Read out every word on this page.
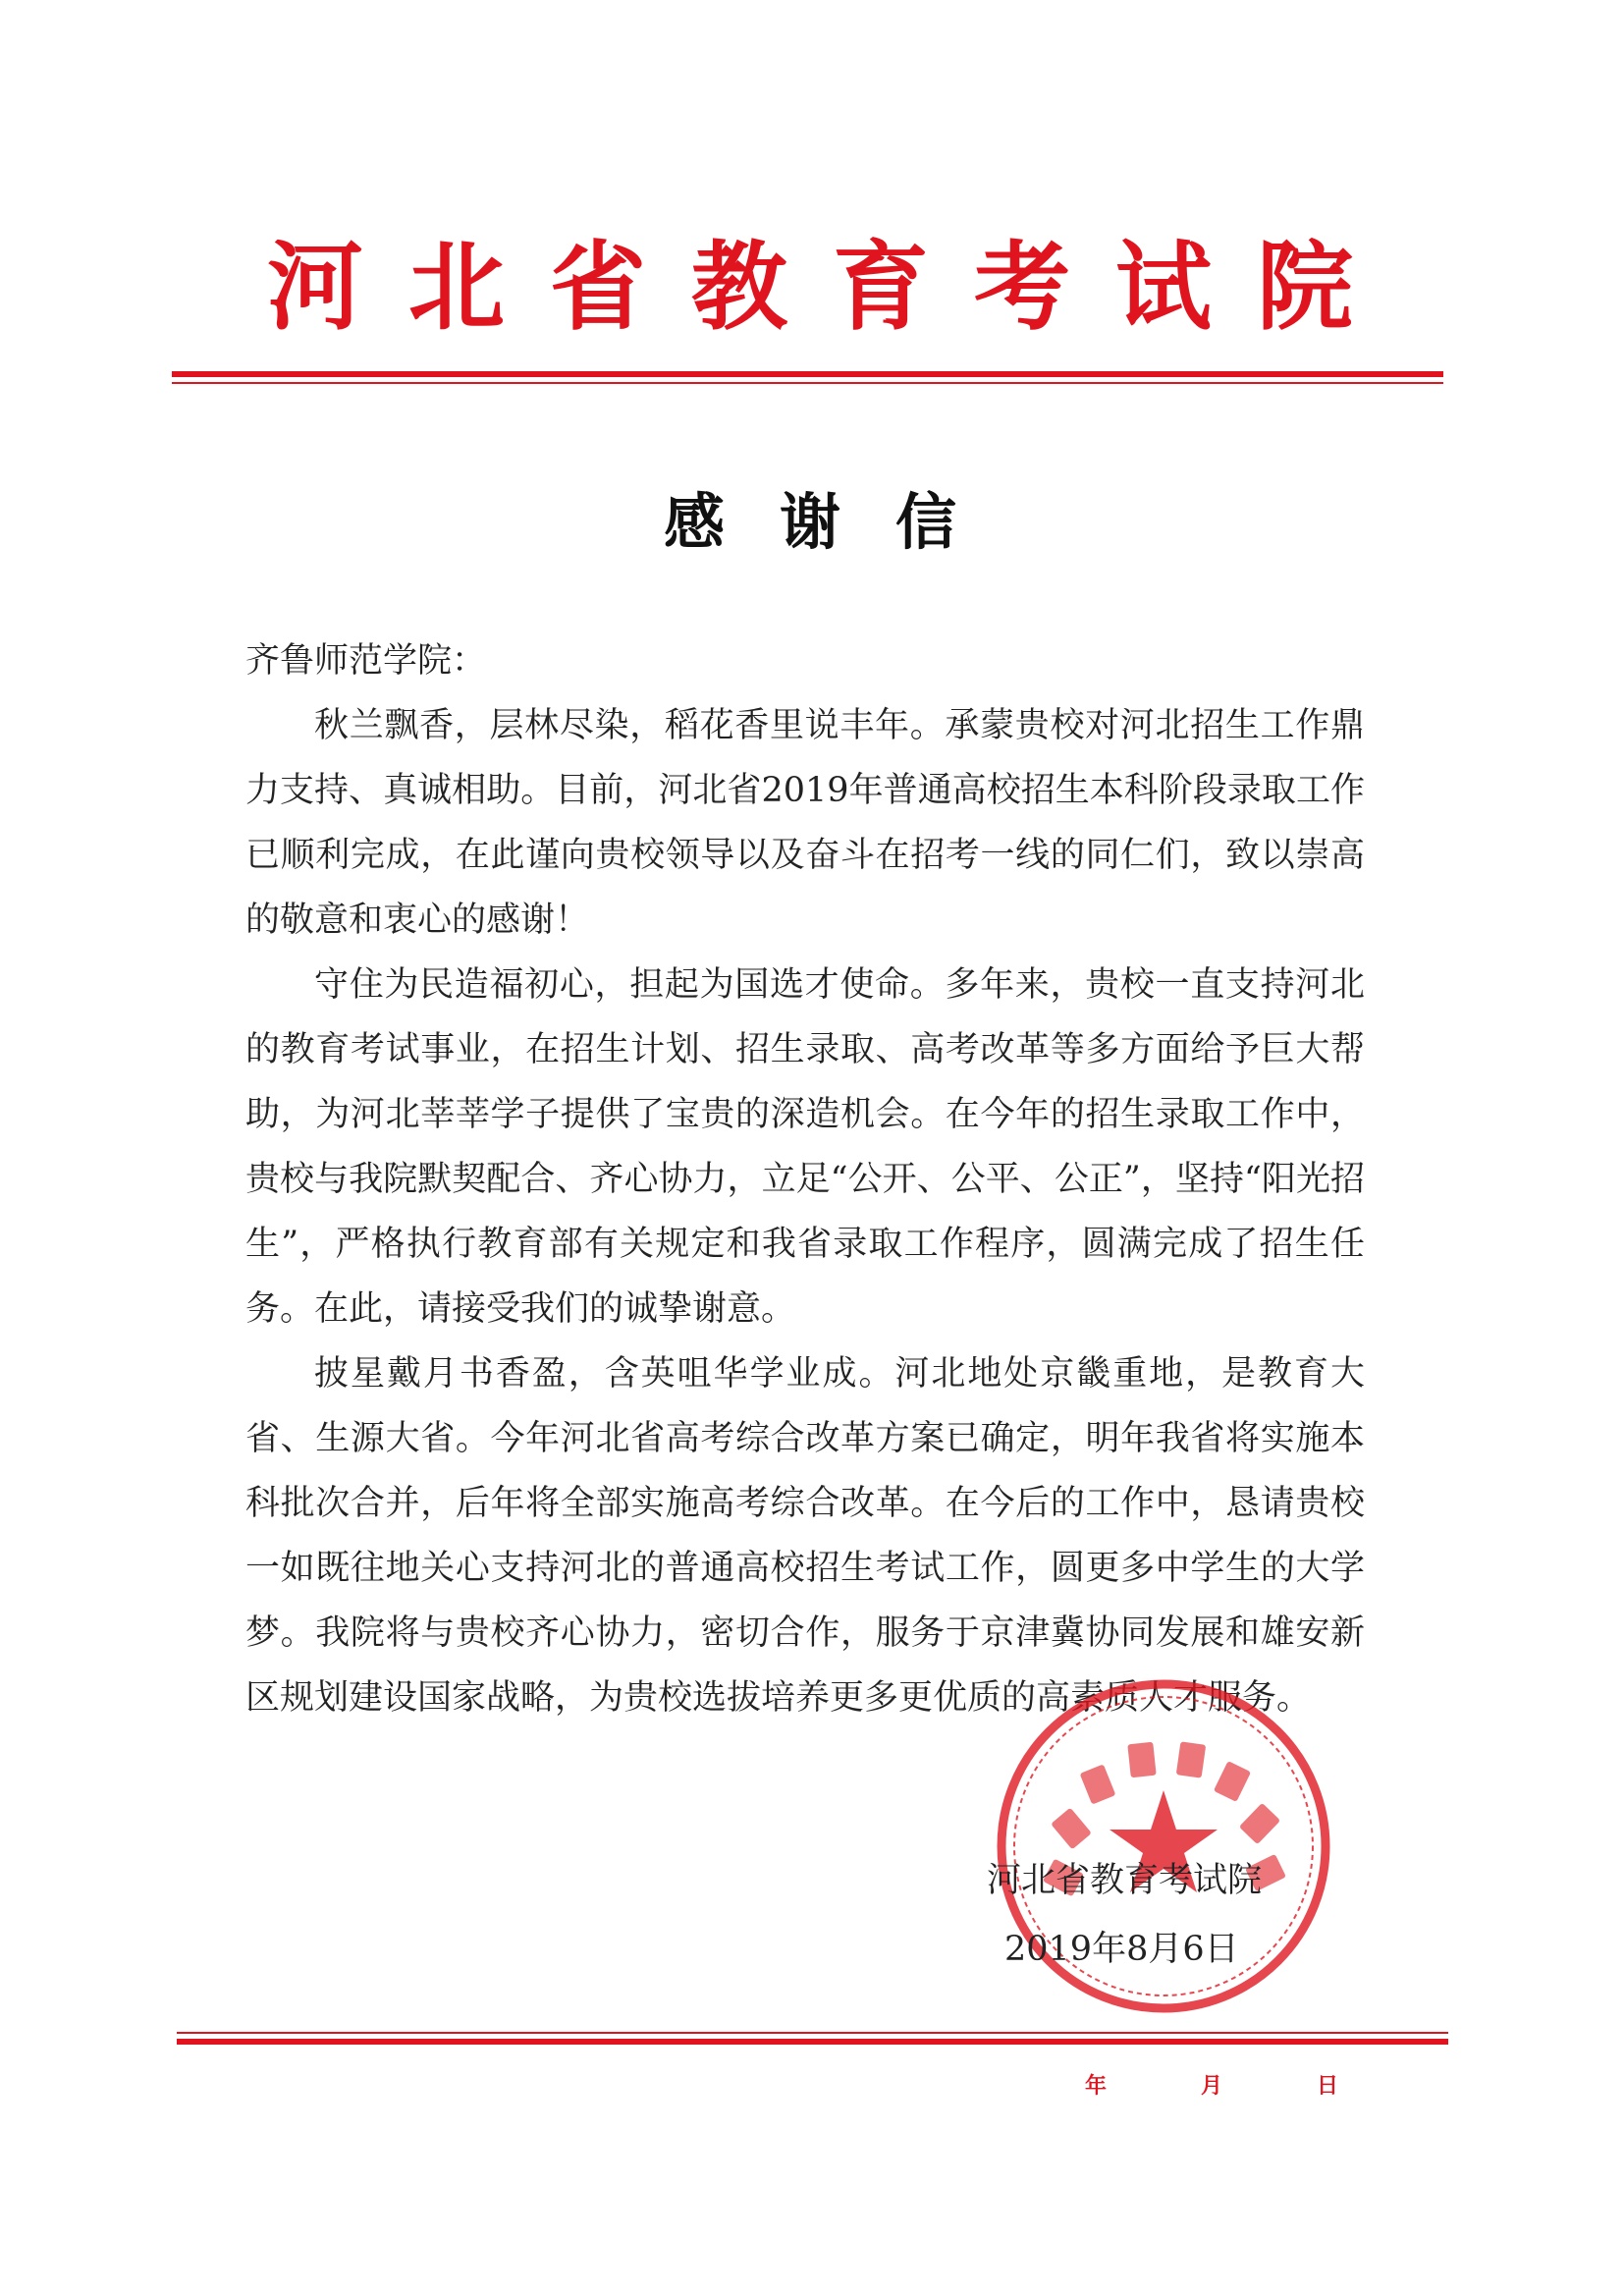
河北省教育考试院
感谢信

齐鲁师范学院：

秋兰飘香，层林尽染，稻花香里说丰年。承蒙贵校对河北招生工作鼎力支持、真诚相助。目前，河北省2019年普通高校招生本科阶段录取工作已顺利完成，在此谨向贵校领导以及奋斗在招考一线的同仁们，致以崇高的敬意和衷心的感谢！

守住为民造福初心，担起为国选才使命。多年来，贵校一直支持河北的教育考试事业，在招生计划、招生录取、高考改革等多方面给予巨大帮助，为河北莘莘学子提供了宝贵的深造机会。在今年的招生录取工作中，贵校与我院默契配合、齐心协力，立足“公开、公平、公正”，坚持“阳光招生”，严格执行教育部有关规定和我省录取工作程序，圆满完成了招生任务。在此，请接受我们的诚挚谢意。

披星戴月书香盈，含英咀华学业成。河北地处京畿重地，是教育大省、生源大省。今年河北省高考综合改革方案已确定，明年我省将实施本科批次合并，后年将全部实施高考综合改革。在今后的工作中，恳请贵校一如既往地关心支持河北的普通高校招生考试工作，圆更多中学生的大学梦。我院将与贵校齐心协力，密切合作，服务于京津冀协同发展和雄安新区规划建设国家战略，为贵校选拔培养更多更优质的高素质人才服务。

河北省教育考试院
2019年8月6日
年	月	日
